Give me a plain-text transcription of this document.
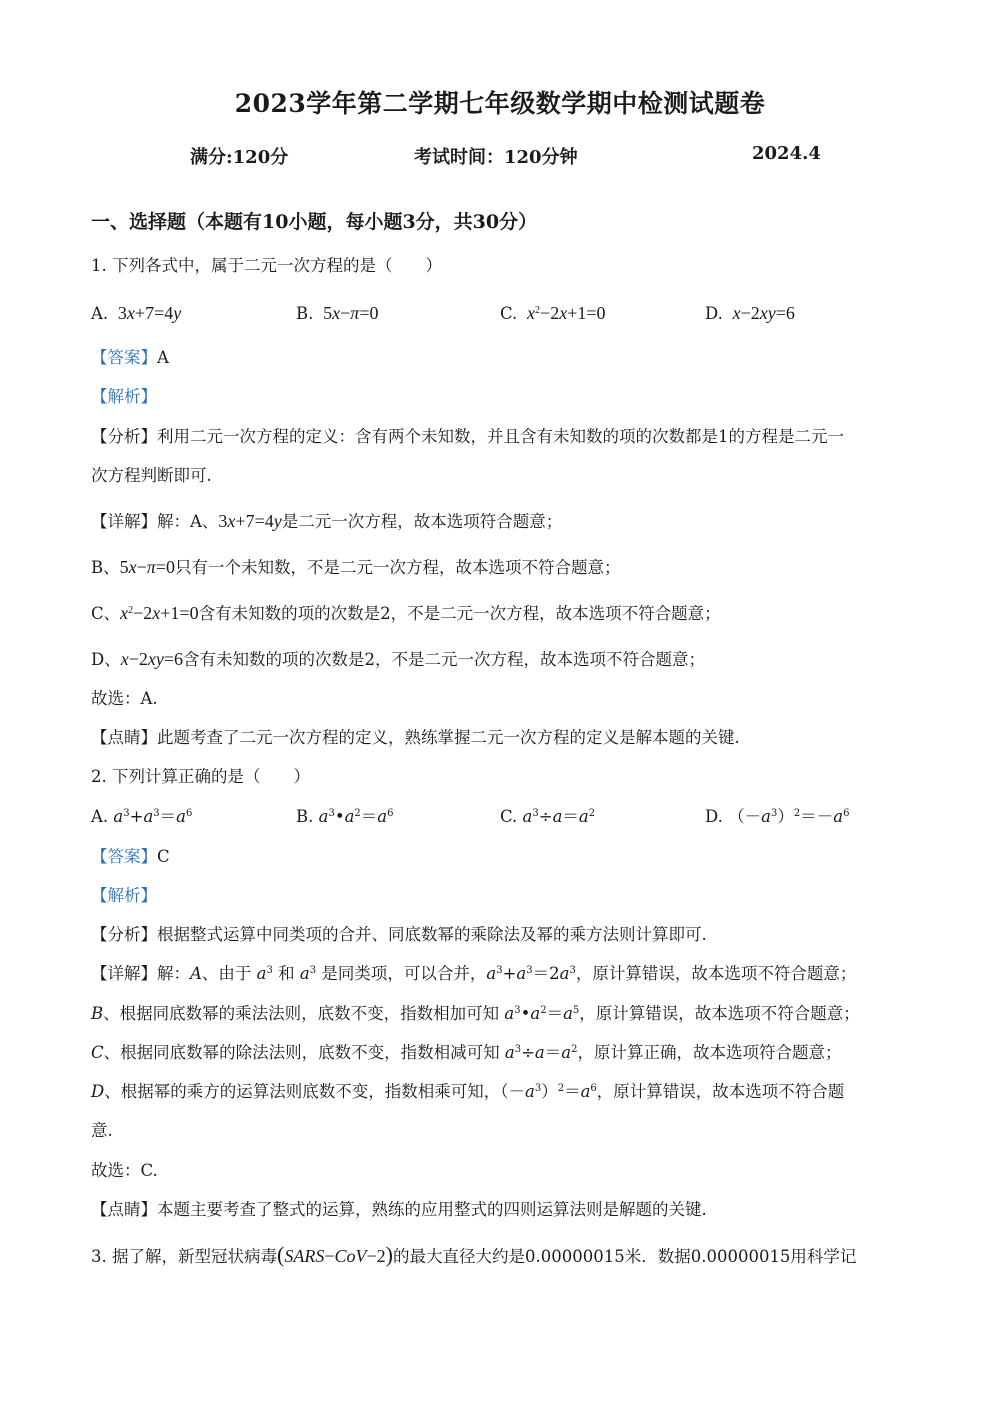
2023学年第二学期七年级数学期中检测试题卷
满分:120分	考试时间：120分钟	2024.4
一、选择题（本题有10小题，每小题3分，共30分）
1. 下列各式中，属于二元一次方程的是（　　）
A.  3x+7=4y	B.  5x−π=0	C. $x^2-2x+1=0$	D. x−2xy=6
【答案】A
【解析】
【分析】利用二元一次方程的定义：含有两个未知数，并且含有未知数的项的次数都是1的方程是二元一
次方程判断即可.
【详解】解：A、3x+7=4y是二元一次方程，故本选项符合题意；
B、5x−π=0只有一个未知数，不是二元一次方程，故本选项不符合题意；
C、$x^2-2x+1=0$含有未知数的项的次数是2，不是二元一次方程，故本选项不符合题意；
D、x−2xy=6含有未知数的项的次数是2，不是二元一次方程，故本选项不符合题意；
故选：A.
【点睛】此题考查了二元一次方程的定义，熟练掌握二元一次方程的定义是解本题的关键.
2. 下列计算正确的是（　　）
A. $a^3+a^3=a^6$	B. $a^3•a^2=a^6$	C. $a^3\div a=a^2$	D. $(-a^3)^2=-a^6$
【答案】C
【解析】
【分析】根据整式运算中同类项的合并、同底数幂的乘除法及幂的乘方法则计算即可.
【详解】解：A、由于 $a^3$ 和 $a^3$ 是同类项，可以合并，$a^3+a^3=2a^3$，原计算错误，故本选项不符合题意；
B、根据同底数幂的乘法法则，底数不变，指数相加可知 $a^3•a^2=a^5$，原计算错误，故本选项不符合题意；
C、根据同底数幂的除法法则，底数不变，指数相减可知 $a^3\div a=a^2$，原计算正确，故本选项符合题意；
D、根据幂的乘方的运算法则底数不变，指数相乘可知，$(-a^3)^2=a^6$，原计算错误，故本选项不符合题
意.
故选：C.
【点睛】本题主要考查了整式的运算，熟练的应用整式的四则运算法则是解题的关键.
3. 据了解，新型冠状病毒(SARS−CoV−2)的最大直径大约是0.00000015米．数据0.00000015用科学记
